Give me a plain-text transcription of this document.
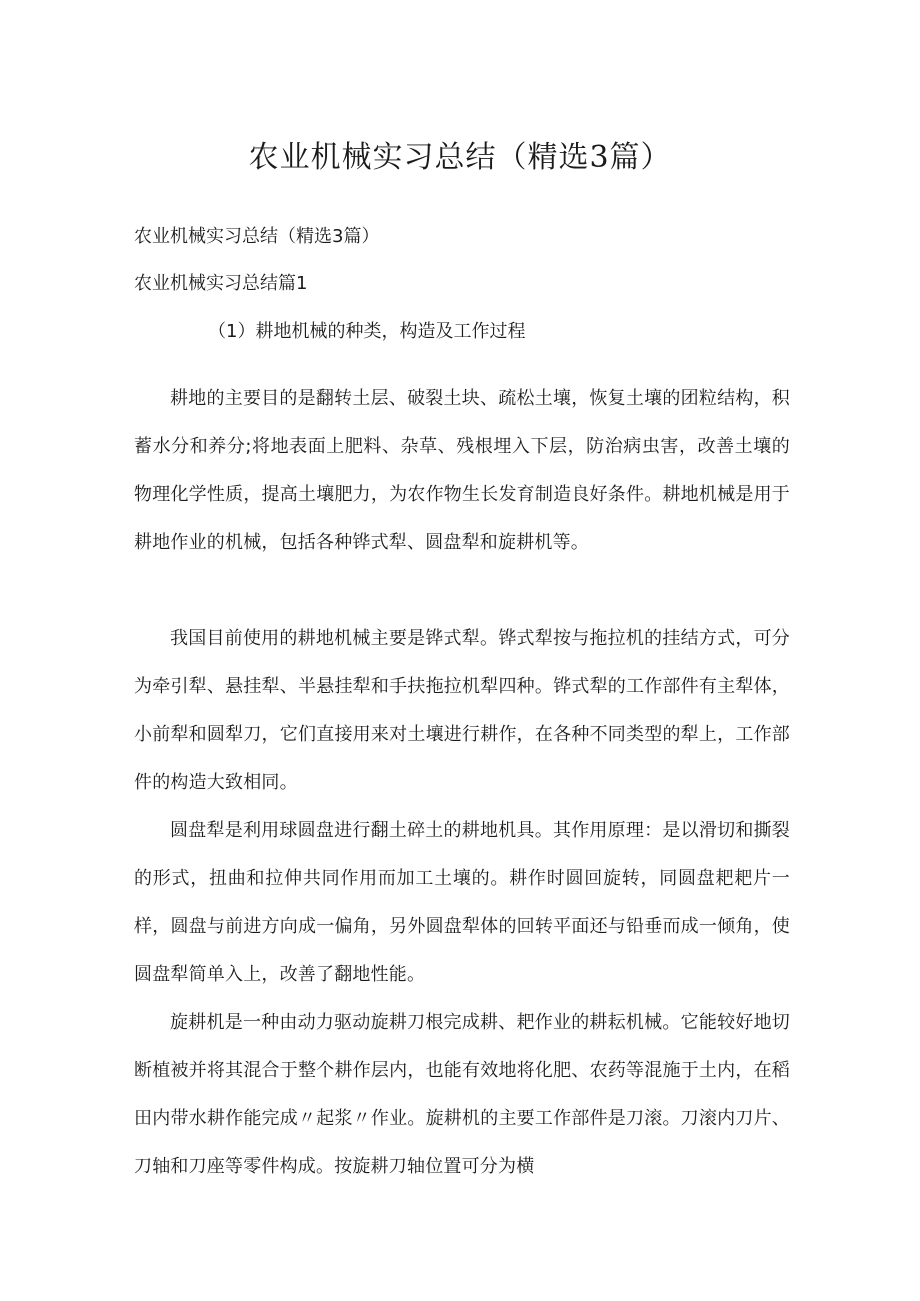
农业机械实习总结（精选3篇）
农业机械实习总结（精选3篇）
农业机械实习总结篇1
（1）耕地机械的种类，构造及工作过程

耕地的主要目的是翻转土层、破裂土块、疏松土壤，恢复土壤的团粒结构，积蓄水分和养分;将地表面上肥料、杂草、残根埋入下层，防治病虫害，改善土壤的物理化学性质，提高土壤肥力，为农作物生长发育制造良好条件。耕地机械是用于耕地作业的机械，包括各种铧式犁、圆盘犁和旋耕机等。

我国目前使用的耕地机械主要是铧式犁。铧式犁按与拖拉机的挂结方式，可分为牵引犁、悬挂犁、半悬挂犁和手扶拖拉机犁四种。铧式犁的工作部件有主犁体，小前犁和圆犁刀，它们直接用来对土壤进行耕作，在各种不同类型的犁上，工作部件的构造大致相同。

圆盘犁是利用球圆盘进行翻土碎土的耕地机具。其作用原理：是以滑切和撕裂的形式，扭曲和拉伸共同作用而加工土壤的。耕作时圆回旋转，同圆盘耙耙片一样，圆盘与前进方向成一偏角，另外圆盘犁体的回转平面还与铅垂而成一倾角，使圆盘犁简单入上，改善了翻地性能。

旋耕机是一种由动力驱动旋耕刀根完成耕、耙作业的耕耘机械。它能较好地切断植被并将其混合于整个耕作层内，也能有效地将化肥、农药等混施于土内，在稻田内带水耕作能完成〃起浆〃作业。旋耕机的主要工作部件是刀滚。刀滚内刀片、刀轴和刀座等零件构成。按旋耕刀轴位置可分为横
